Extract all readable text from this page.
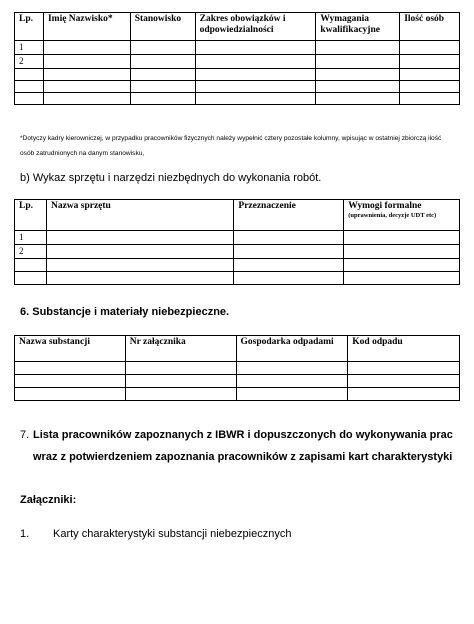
Lp.	Imię Nazwisko*	Stanowisko	Zakres obowiązków i odpowiedzialności	Wymagania kwalifikacyjne	Ilość osób
1					
2					

*Dotyczy kadry kierowniczej, w przypadku pracowników fizycznych należy wypełnić cztery pozostałe kolumny, wpisując w ostatniej zbiorczą ilość osób zatrudnionych na danym stanowisku,
b) Wykaz sprzętu i narzędzi niezbędnych do wykonania robót.
Lp.	Nazwa sprzętu	Przeznaczenie	Wymogi formalne
(uprawnienia, decyzje UDT etc)

1			
2			

6. Substancje i materiały niebezpieczne.
Nazwa substancji	Nr załącznika	Gospodarka odpadami	Kod odpadu

7. Lista pracowników zapoznanych z IBWR i dopuszczonych do wykonywania prac wraz z potwierdzeniem zapoznania pracowników z zapisami kart charakterystyki
Załączniki:
1.	Karty charakterystyki substancji niebezpiecznych
